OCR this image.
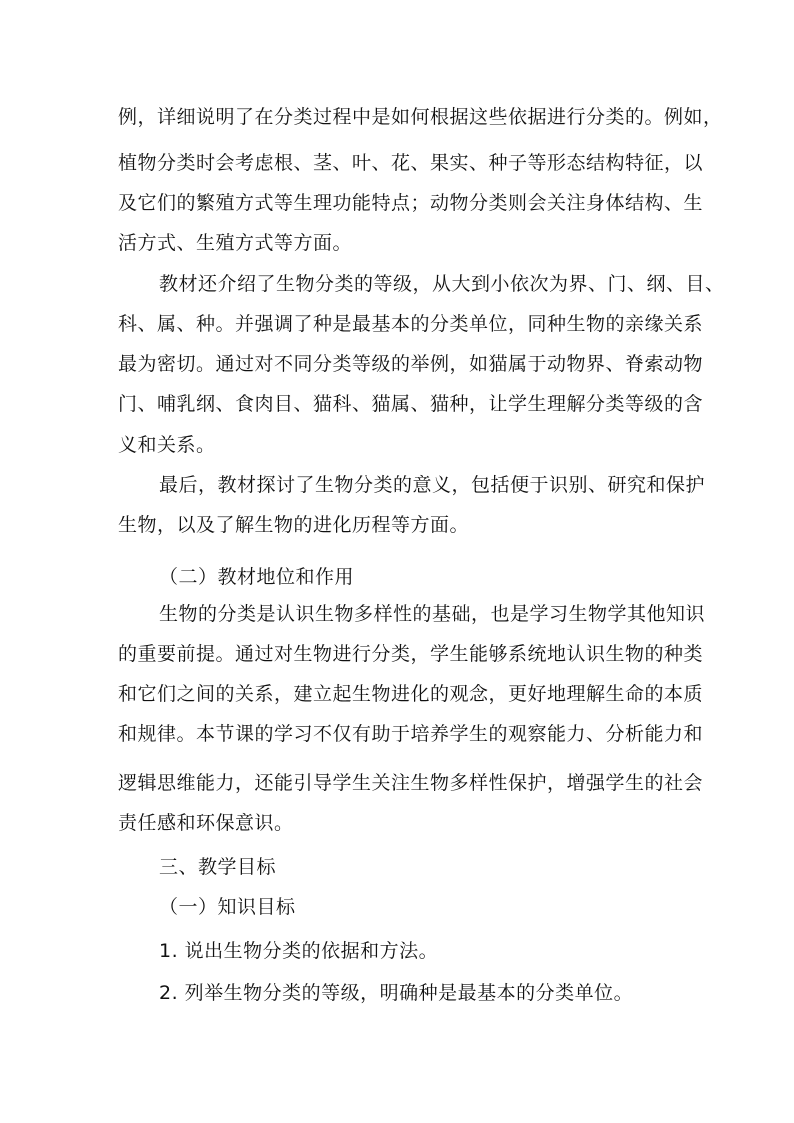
例，详细说明了在分类过程中是如何根据这些依据进行分类的。例如，
植物分类时会考虑根、茎、叶、花、果实、种子等形态结构特征，以
及它们的繁殖方式等生理功能特点；动物分类则会关注身体结构、生
活方式、生殖方式等方面。
教材还介绍了生物分类的等级，从大到小依次为界、门、纲、目、
科、属、种。并强调了种是最基本的分类单位，同种生物的亲缘关系
最为密切。通过对不同分类等级的举例，如猫属于动物界、脊索动物
门、哺乳纲、食肉目、猫科、猫属、猫种，让学生理解分类等级的含
义和关系。
最后，教材探讨了生物分类的意义，包括便于识别、研究和保护
生物，以及了解生物的进化历程等方面。
（二）教材地位和作用
生物的分类是认识生物多样性的基础，也是学习生物学其他知识
的重要前提。通过对生物进行分类，学生能够系统地认识生物的种类
和它们之间的关系，建立起生物进化的观念，更好地理解生命的本质
和规律。本节课的学习不仅有助于培养学生的观察能力、分析能力和
逻辑思维能力，还能引导学生关注生物多样性保护，增强学生的社会
责任感和环保意识。
三、教学目标
（一）知识目标
1. 说出生物分类的依据和方法。
2. 列举生物分类的等级，明确种是最基本的分类单位。
